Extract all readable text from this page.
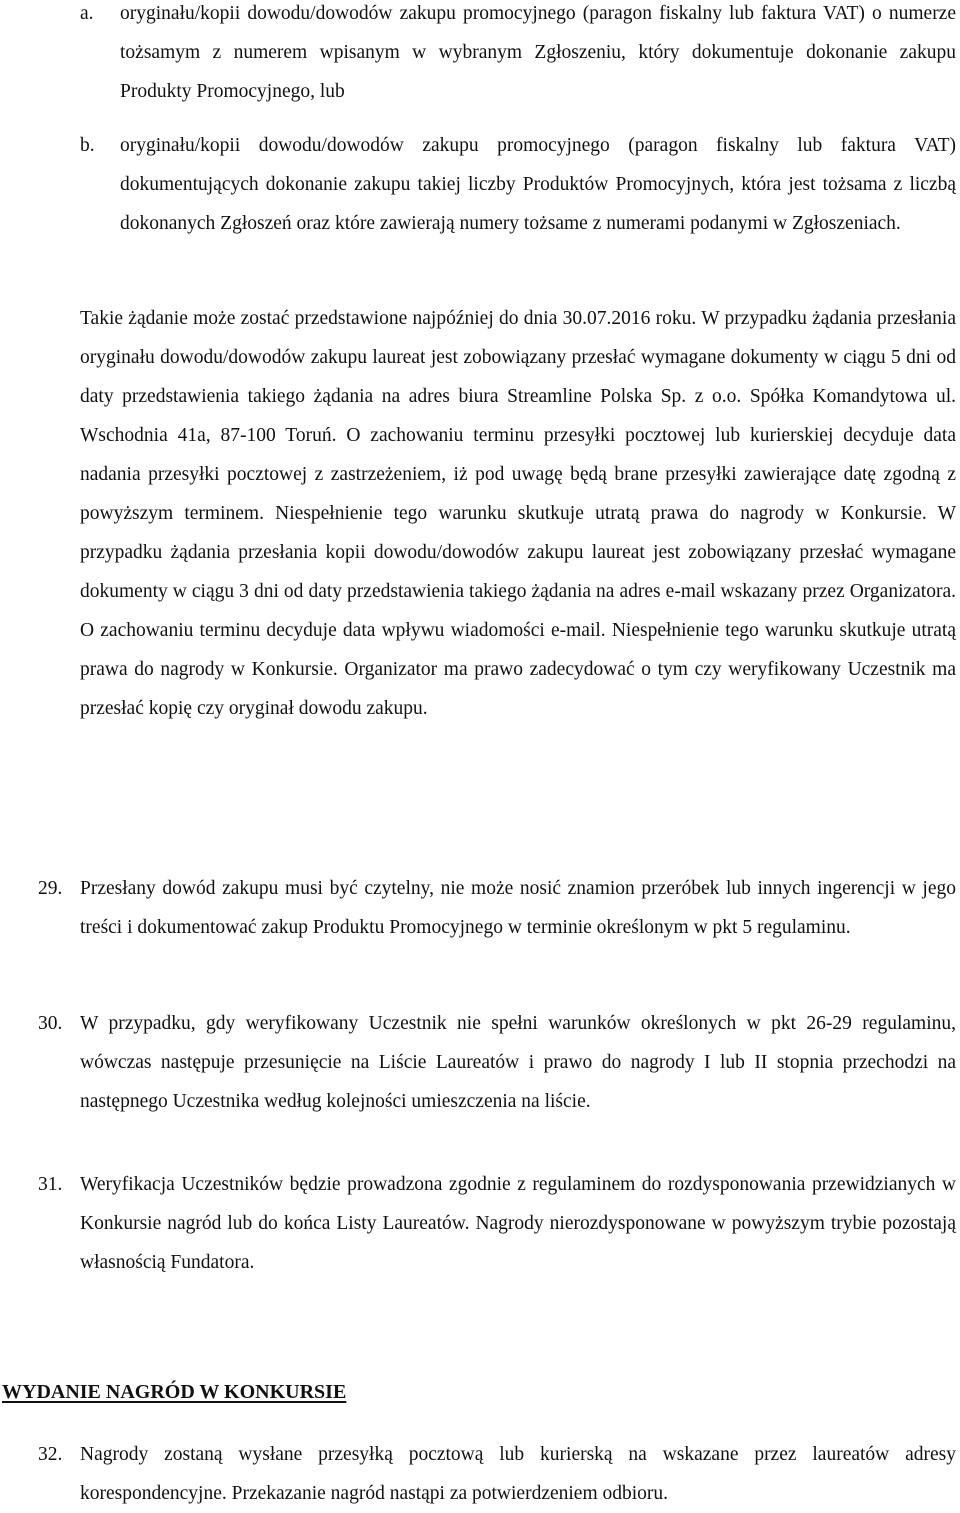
a.	oryginału/kopii dowodu/dowodów zakupu promocyjnego (paragon fiskalny lub faktura VAT) o numerze tożsamym z numerem wpisanym w wybranym Zgłoszeniu, który dokumentuje dokonanie zakupu Produkty Promocyjnego, lub
b.	oryginału/kopii dowodu/dowodów zakupu promocyjnego (paragon fiskalny lub faktura VAT) dokumentujących dokonanie zakupu takiej liczby Produktów Promocyjnych, która jest tożsama z liczbą dokonanych Zgłoszeń oraz które zawierają numery tożsame z numerami podanymi w Zgłoszeniach.
Takie żądanie może zostać przedstawione najpóźniej do dnia 30.07.2016 roku. W przypadku żądania przesłania oryginału dowodu/dowodów zakupu laureat jest zobowiązany przesłać wymagane dokumenty w ciągu 5 dni od daty przedstawienia takiego żądania na adres biura Streamline Polska Sp. z o.o. Spółka Komandytowa ul. Wschodnia 41a, 87-100 Toruń. O zachowaniu terminu przesyłki pocztowej lub kurierskiej decyduje data nadania przesyłki pocztowej z zastrzeżeniem, iż pod uwagę będą brane przesyłki zawierające datę zgodną z powyższym terminem. Niespełnienie tego warunku skutkuje utratą prawa do nagrody w Konkursie. W przypadku żądania przesłania kopii dowodu/dowodów zakupu laureat jest zobowiązany przesłać wymagane dokumenty w ciągu 3 dni od daty przedstawienia takiego żądania na adres e-mail wskazany przez Organizatora. O zachowaniu terminu decyduje data wpływu wiadomości e-mail. Niespełnienie tego warunku skutkuje utratą prawa do nagrody w Konkursie. Organizator ma prawo zadecydować o tym czy weryfikowany Uczestnik ma przesłać kopię czy oryginał dowodu zakupu.
29. Przesłany dowód zakupu musi być czytelny, nie może nosić znamion przeróbek lub innych ingerencji w jego treści i dokumentować zakup Produktu Promocyjnego w terminie określonym w pkt 5 regulaminu.
30. W przypadku, gdy weryfikowany Uczestnik nie spełni warunków określonych w pkt 26-29 regulaminu, wówczas następuje przesunięcie na Liście Laureatów i prawo do nagrody I lub II stopnia przechodzi na następnego Uczestnika według kolejności umieszczenia na liście.
31. Weryfikacja Uczestników będzie prowadzona zgodnie z regulaminem do rozdysponowania przewidzianych w Konkursie nagród lub do końca Listy Laureatów. Nagrody nierozdysponowane w powyższym trybie pozostają własnością Fundatora.
WYDANIE NAGRÓD W KONKURSIE
32. Nagrody zostaną wysłane przesyłką pocztową lub kurierską na wskazane przez laureatów adresy korespondencyjne. Przekazanie nagród nastąpi za potwierdzeniem odbioru.
